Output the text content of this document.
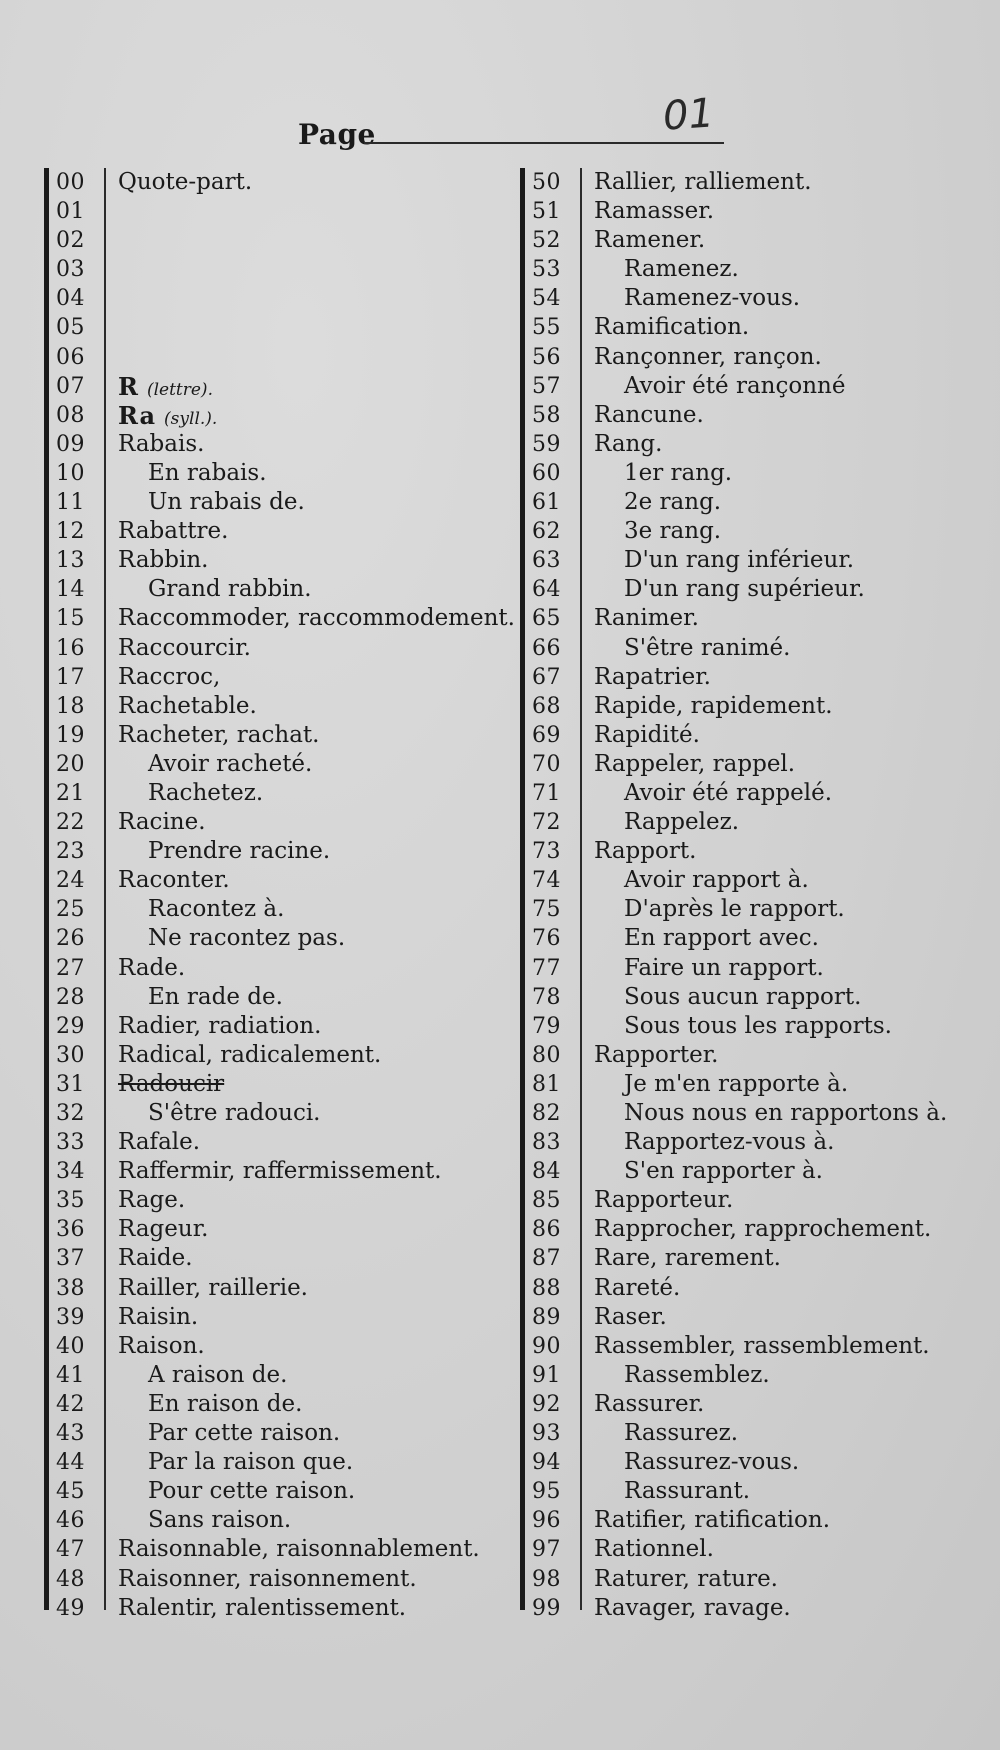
Page	01
00 Quote-part.
01
02
03
04
05
06
07 R (lettre).
08 Ra (syll.).
09 Rabais.
10	En rabais.
11	Un rabais de.
12 Rabattre.
13 Rabbin.
14	Grand rabbin.
15 Raccommoder, raccommodement.
16 Raccourcir.
17 Raccroc,
18 Rachetable.
19 Racheter, rachat.
20	Avoir racheté.
21	Rachetez.
22 Racine.
23	Prendre racine.
24 Raconter.
25	Racontez à.
26	Ne racontez pas.
27 Rade.
28	En rade de.
29 Radier, radiation.
30 Radical, radicalement.
31 Radoucir
32	S'être radouci.
33 Rafale.
34 Raffermir, raffermissement.
35 Rage.
36 Rageur.
37 Raide.
38 Railler, raillerie.
39 Raisin.
40 Raison.
41	A raison de.
42	En raison de.
43	Par cette raison.
44	Par la raison que.
45	Pour cette raison.
46	Sans raison.
47 Raisonnable, raisonnablement.
48 Raisonner, raisonnement.
49 Ralentir, ralentissement.
50 Rallier, ralliement.
51 Ramasser.
52 Ramener.
53	Ramenez.
54	Ramenez-vous.
55 Ramification.
56 Rançonner, rançon.
57	Avoir été rançonné
58 Rancune.
59 Rang.
60	1er rang.
61	2e rang.
62	3e rang.
63	D'un rang inférieur.
64	D'un rang supérieur.
65 Ranimer.
66	S'être ranimé.
67 Rapatrier.
68 Rapide, rapidement.
69 Rapidité.
70 Rappeler, rappel.
71	Avoir été rappelé.
72	Rappelez.
73 Rapport.
74	Avoir rapport à.
75	D'après le rapport.
76	En rapport avec.
77	Faire un rapport.
78	Sous aucun rapport.
79	Sous tous les rapports.
80 Rapporter.
81	Je m'en rapporte à.
82	Nous nous en rapportons à.
83	Rapportez-vous à.
84	S'en rapporter à.
85 Rapporteur.
86 Rapprocher, rapprochement.
87 Rare, rarement.
88 Rareté.
89 Raser.
90 Rassembler, rassemblement.
91	Rassemblez.
92 Rassurer.
93	Rassurez.
94	Rassurez-vous.
95	Rassurant.
96 Ratifier, ratification.
97 Rationnel.
98 Raturer, rature.
99 Ravager, ravage.
